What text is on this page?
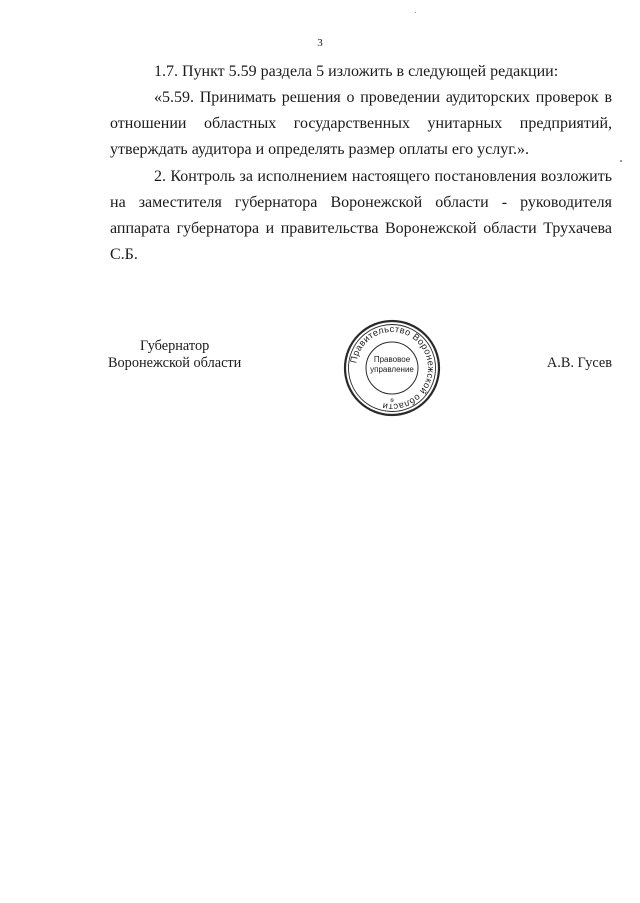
3

1.7. Пункт 5.59 раздела 5 изложить в следующей редакции:

«5.59. Принимать решения о проведении аудиторских проверок в отношении областных государственных унитарных предприятий, утверждать аудитора и определять размер оплаты его услуг.».

2. Контроль за исполнением настоящего постановления возложить на заместителя губернатора Воронежской области - руководителя аппарата губернатора и правительства Воронежской области Трухачева С.Б.

Губернатор
Воронежской области	Правительство Воронежской области ѳ
Правовое
управление	А.В. Гусев
